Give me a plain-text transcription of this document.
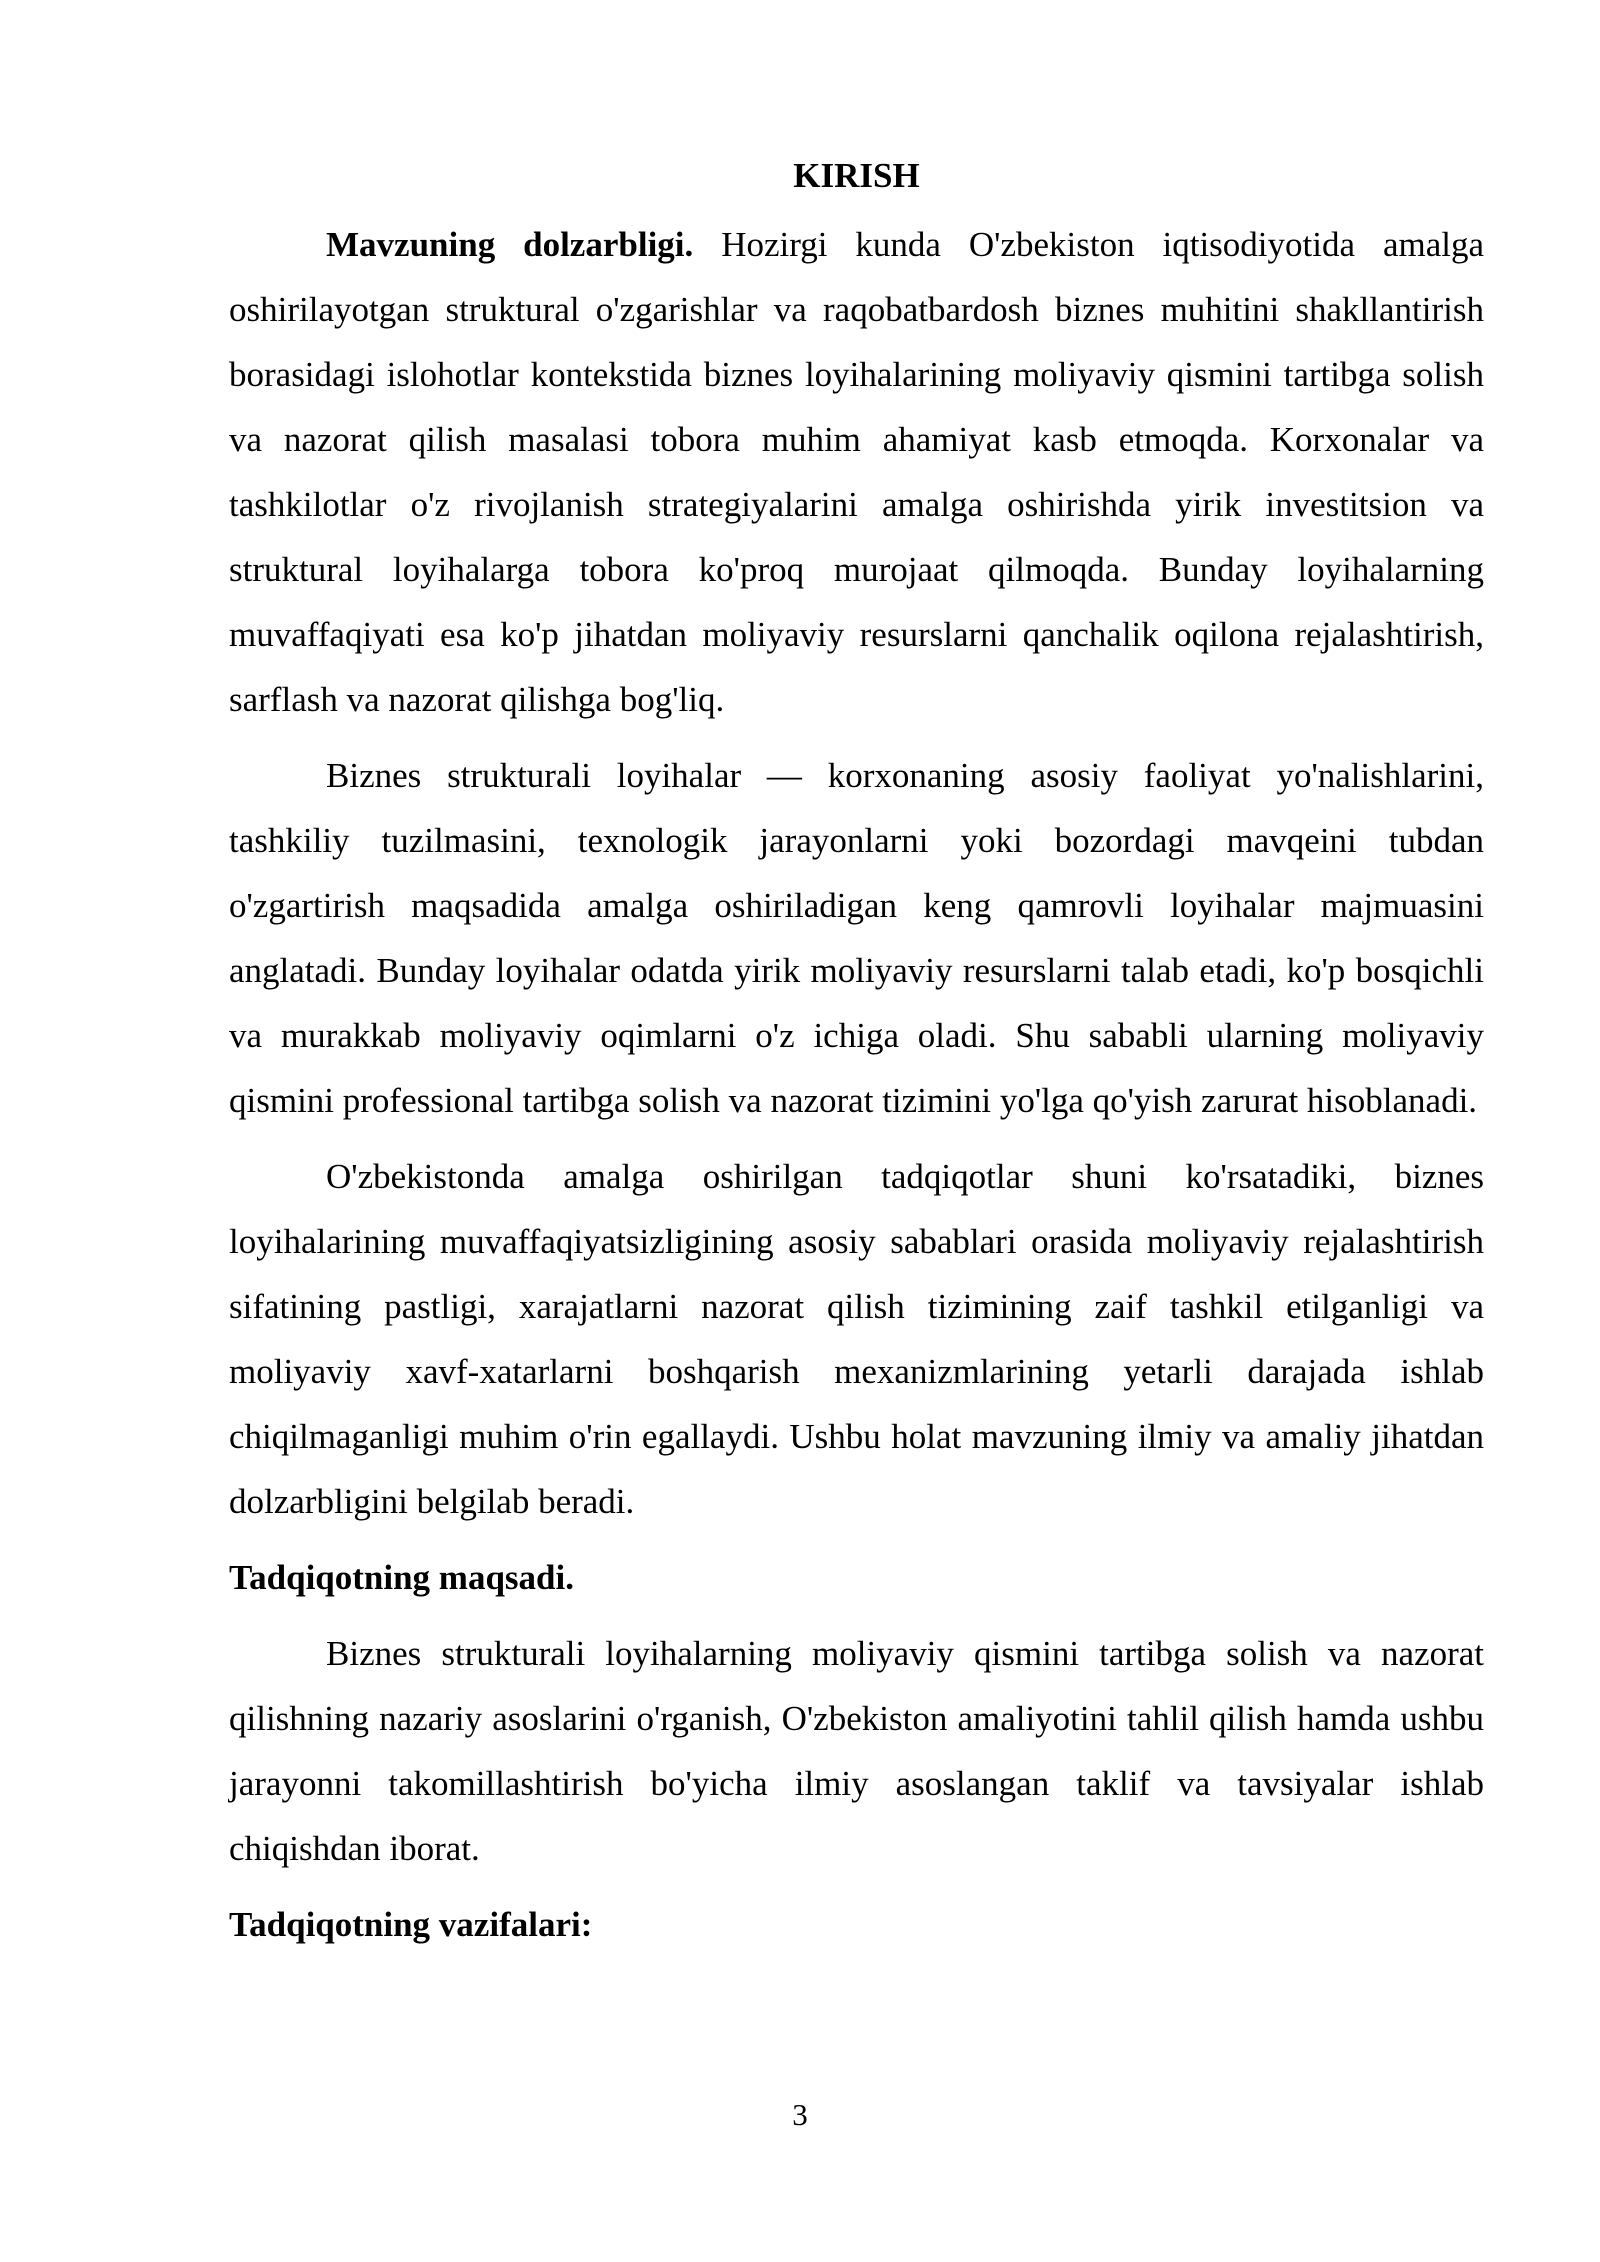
KIRISH

Mavzuning dolzarbligi. Hozirgi kunda O'zbekiston iqtisodiyotida amalga oshirilayotgan struktural o'zgarishlar va raqobatbardosh biznes muhitini shakllantirish borasidagi islohotlar kontekstida biznes loyihalarining moliyaviy qismini tartibga solish va nazorat qilish masalasi tobora muhim ahamiyat kasb etmoqda. Korxonalar va tashkilotlar o'z rivojlanish strategiyalarini amalga oshirishda yirik investitsion va struktural loyihalarga tobora ko'proq murojaat qilmoqda. Bunday loyihalarning muvaffaqiyati esa ko'p jihatdan moliyaviy resurslarni qanchalik oqilona rejalashtirish, sarflash va nazorat qilishga bog'liq.

Biznes strukturali loyihalar — korxonaning asosiy faoliyat yo'nalishlarini, tashkiliy tuzilmasini, texnologik jarayonlarni yoki bozordagi mavqeini tubdan o'zgartirish maqsadida amalga oshiriladigan keng qamrovli loyihalar majmuasini anglatadi. Bunday loyihalar odatda yirik moliyaviy resurslarni talab etadi, ko'p bosqichli va murakkab moliyaviy oqimlarni o'z ichiga oladi. Shu sababli ularning moliyaviy qismini professional tartibga solish va nazorat tizimini yo'lga qo'yish zarurat hisoblanadi.

O'zbekistonda amalga oshirilgan tadqiqotlar shuni ko'rsatadiki, biznes loyihalarining muvaffaqiyatsizligining asosiy sabablari orasida moliyaviy rejalashtirish sifatining pastligi, xarajatlarni nazorat qilish tizimining zaif tashkil etilganligi va moliyaviy xavf-xatarlarni boshqarish mexanizmlarining yetarli darajada ishlab chiqilmaganligi muhim o'rin egallaydi. Ushbu holat mavzuning ilmiy va amaliy jihatdan dolzarbligini belgilab beradi.

Tadqiqotning maqsadi.

Biznes strukturali loyihalarning moliyaviy qismini tartibga solish va nazorat qilishning nazariy asoslarini o'rganish, O'zbekiston amaliyotini tahlil qilish hamda ushbu jarayonni takomillashtirish bo'yicha ilmiy asoslangan taklif va tavsiyalar ishlab chiqishdan iborat.

Tadqiqotning vazifalari:
3
